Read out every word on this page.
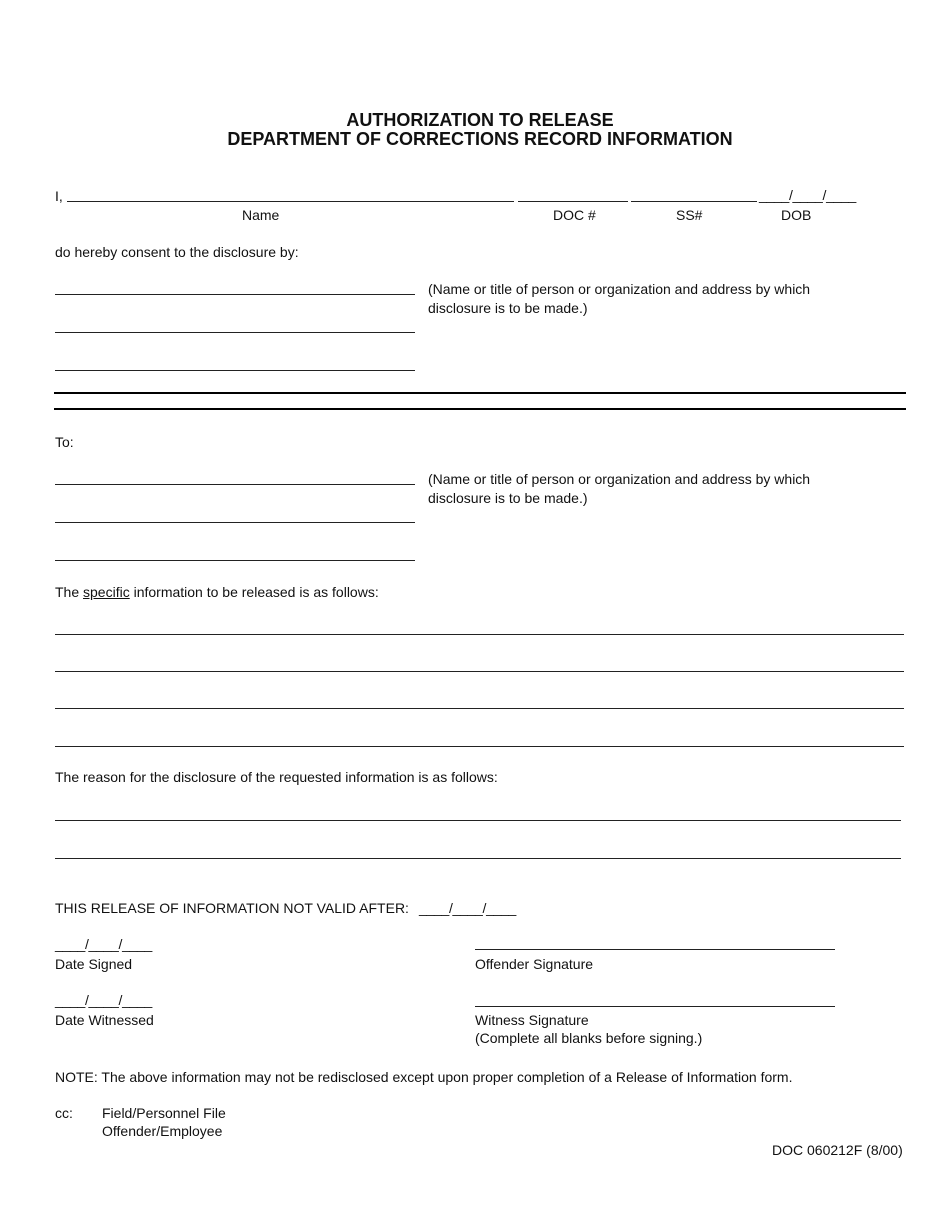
AUTHORIZATION TO RELEASE
DEPARTMENT OF CORRECTIONS RECORD INFORMATION
I,	____/____/____
Name	DOC #	SS#	DOB
do hereby consent to the disclosure by:
(Name or title of person or organization and address by which
disclosure is to be made.)
To:
(Name or title of person or organization and address by which
disclosure is to be made.)
The specific information to be released is as follows:
The reason for the disclosure of the requested information is as follows:
THIS RELEASE OF INFORMATION NOT VALID AFTER: ____/____/____
____/____/____
Date Signed	Offender Signature
____/____/____
Date Witnessed	Witness Signature
(Complete all blanks before signing.)
NOTE: The above information may not be redisclosed except upon proper completion of a Release of Information form.
cc: Field/Personnel File
Offender/Employee
DOC 060212F (8/00)
